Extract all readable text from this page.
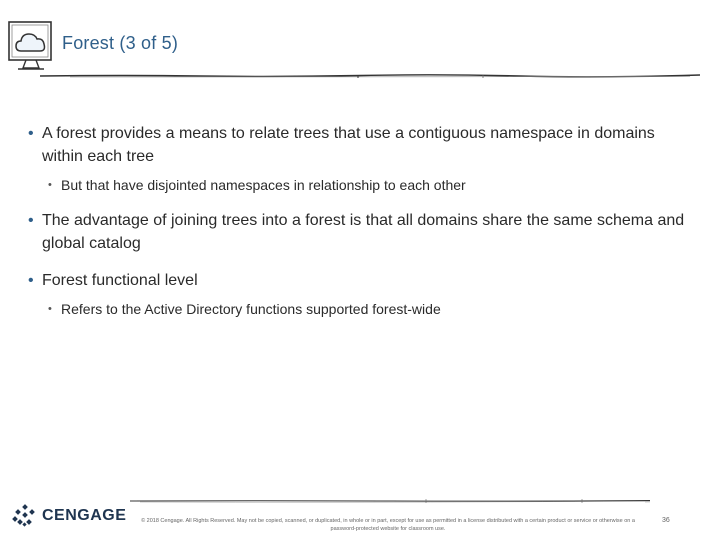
Forest (3 of 5)
• A forest provides a means to relate trees that use a contiguous namespace in domains within each tree
• But that have disjointed namespaces in relationship to each other
• The advantage of joining trees into a forest is that all domains share the same schema and global catalog
• Forest functional level
• Refers to the Active Directory functions supported forest-wide
CENGAGE	© 2018 Cengage. All Rights Reserved. May not be copied, scanned, or duplicated, in whole or in part, except for use as permitted in a license distributed with a certain product or service or otherwise on a password-protected website for classroom use.
36
